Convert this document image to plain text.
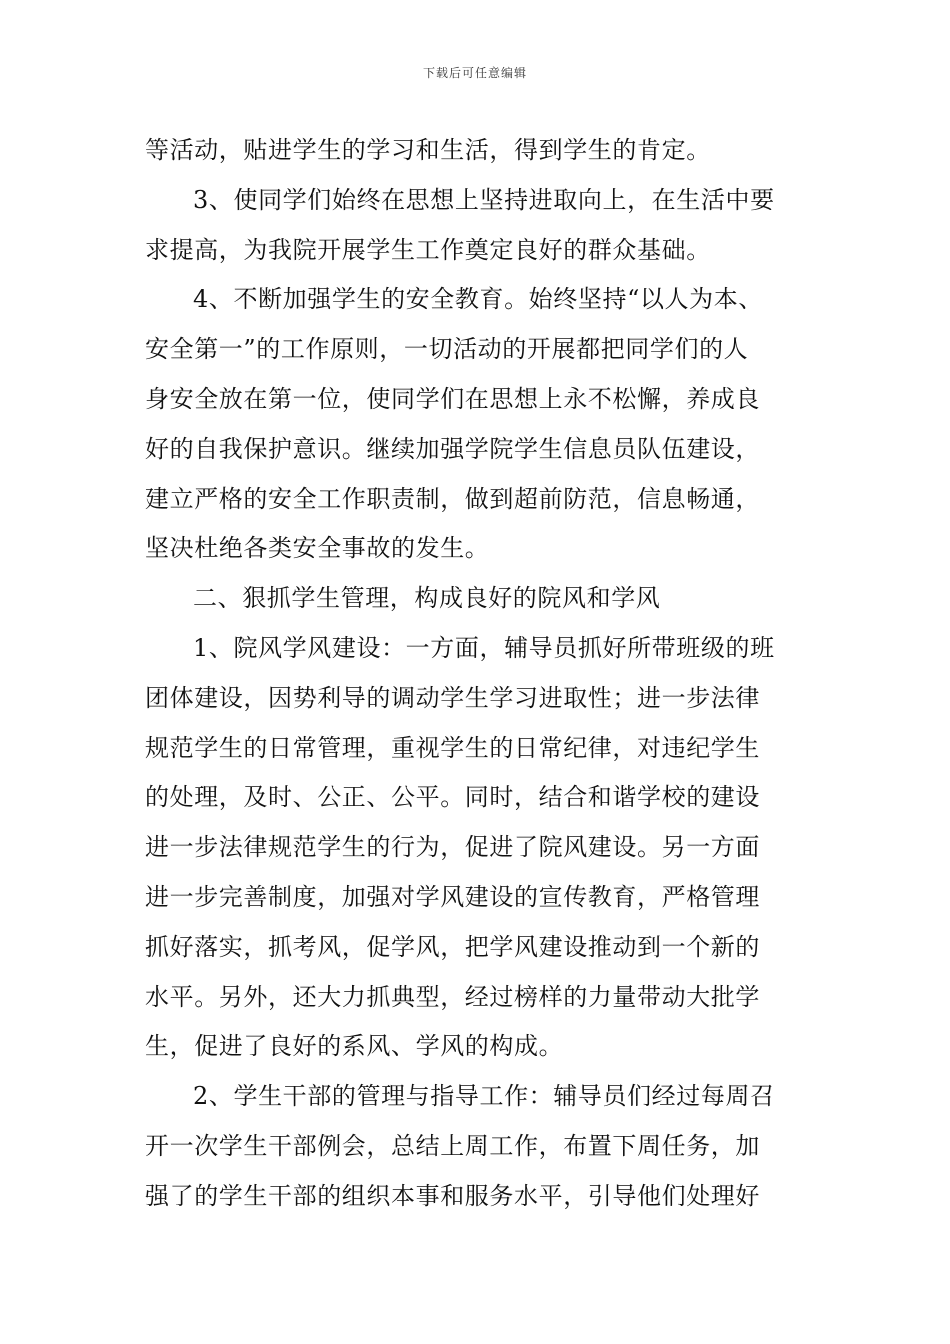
下载后可任意编辑
等活动，贴进学生的学习和生活，得到学生的肯定。
3、使同学们始终在思想上坚持进取向上，在生活中要
求提高，为我院开展学生工作奠定良好的群众基础。
4、不断加强学生的安全教育。始终坚持“以人为本、
安全第一”的工作原则，一切活动的开展都把同学们的人
身安全放在第一位，使同学们在思想上永不松懈，养成良
好的自我保护意识。继续加强学院学生信息员队伍建设，
建立严格的安全工作职责制，做到超前防范，信息畅通，
坚决杜绝各类安全事故的发生。
二、狠抓学生管理，构成良好的院风和学风
1、院风学风建设：一方面，辅导员抓好所带班级的班
团体建设，因势利导的调动学生学习进取性；进一步法律
规范学生的日常管理，重视学生的日常纪律，对违纪学生
的处理，及时、公正、公平。同时，结合和谐学校的建设
进一步法律规范学生的行为，促进了院风建设。另一方面
进一步完善制度，加强对学风建设的宣传教育，严格管理
抓好落实，抓考风，促学风，把学风建设推动到一个新的
水平。另外，还大力抓典型，经过榜样的力量带动大批学
生，促进了良好的系风、学风的构成。
2、学生干部的管理与指导工作：辅导员们经过每周召
开一次学生干部例会，总结上周工作，布置下周任务，加
强了的学生干部的组织本事和服务水平，引导他们处理好
